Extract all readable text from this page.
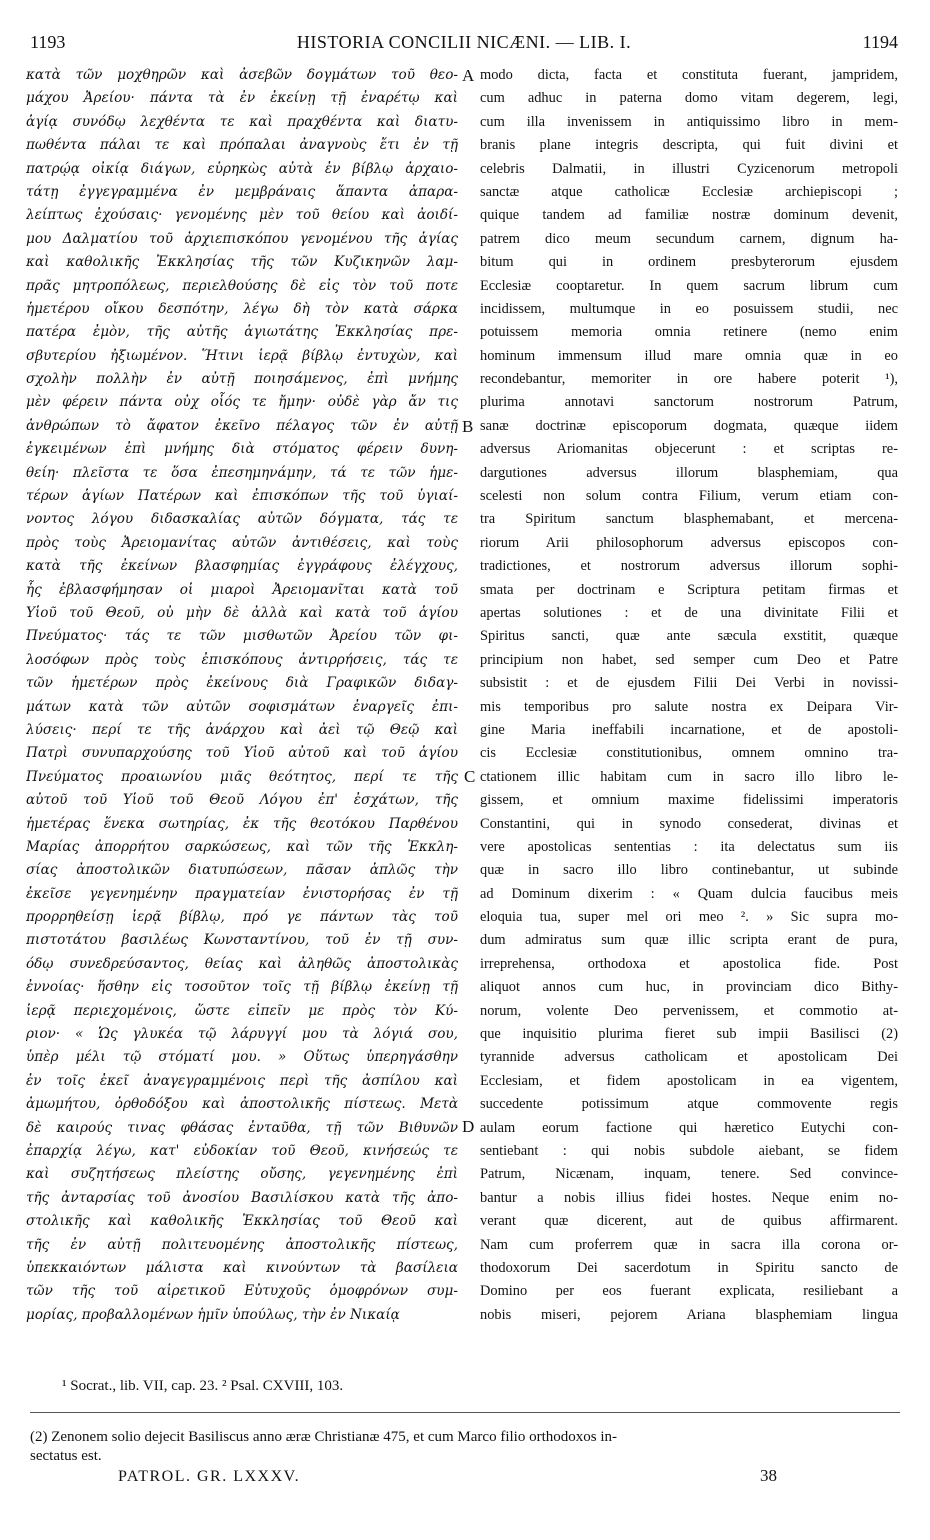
1193	HISTORIA CONCILII NICÆNI. — LIB. I.	1194
κατὰ τῶν μοχθηρῶν καὶ ἀσεβῶν δογμάτων τοῦ θεο-
μάχου Ἀρείου· πάντα τὰ ἐν ἐκείνῃ τῇ ἐναρέτῳ καὶ
ἁγίᾳ συνόδῳ λεχθέντα τε καὶ πραχθέντα καὶ διατυ-
πωθέντα πάλαι τε καὶ πρόπαλαι ἀναγνοὺς ἔτι ἐν τῇ
πατρῴᾳ οἰκίᾳ διάγων, εὑρηκὼς αὐτὰ ἐν βίβλῳ ἀρχαιο-
τάτῃ ἐγγεγραμμένα ἐν μεμβράναις ἅπαντα ἀπαρα-
λείπτως ἐχούσαις· γενομένης μὲν τοῦ θείου καὶ ἀοιδί-
μου Δαλματίου τοῦ ἀρχιεπισκόπου γενομένου τῆς ἁγίας
καὶ καθολικῆς Ἐκκλησίας τῆς τῶν Κυζικηνῶν λαμ-
πρᾶς μητροπόλεως, περιελθούσης δὲ εἰς τὸν τοῦ ποτε
ἡμετέρου οἴκου δεσπότην, λέγω δὴ τὸν κατὰ σάρκα
πατέρα ἐμὸν, τῆς αὐτῆς ἁγιωτάτης Ἐκκλησίας πρε-
σβυτερίου ἠξιωμένον. Ἥτινι ἱερᾷ βίβλῳ ἐντυχὼν, καὶ
σχολὴν πολλὴν ἐν αὐτῇ ποιησάμενος, ἐπὶ μνήμης
μὲν φέρειν πάντα οὐχ οἷός τε ἤμην· οὐδὲ γὰρ ἄν τις
ἀνθρώπων τὸ ἄφατον ἐκεῖνο πέλαγος τῶν ἐν αὐτῇ
ἐγκειμένων ἐπὶ μνήμης διὰ στόματος φέρειν δυνη-
θείη· πλεῖστα τε ὅσα ἐπεσημηνάμην, τά τε τῶν ἡμε-
τέρων ἁγίων Πατέρων καὶ ἐπισκόπων τῆς τοῦ ὑγιαί-
νοντος λόγου διδασκαλίας αὐτῶν δόγματα, τάς τε
πρὸς τοὺς Ἀρειομανίτας αὐτῶν ἀντιθέσεις, καὶ τοὺς
κατὰ τῆς ἐκείνων βλασφημίας ἐγγράφους ἐλέγχους,
ἧς ἐβλασφήμησαν οἱ μιαροὶ Ἀρειομανῖται κατὰ τοῦ
Υἱοῦ τοῦ Θεοῦ, οὐ μὴν δὲ ἀλλὰ καὶ κατὰ τοῦ ἁγίου
Πνεύματος· τάς τε τῶν μισθωτῶν Ἀρείου τῶν φι-
λοσόφων πρὸς τοὺς ἐπισκόπους ἀντιρρήσεις, τάς τε
τῶν ἡμετέρων πρὸς ἐκείνους διὰ Γραφικῶν διδαγ-
μάτων κατὰ τῶν αὐτῶν σοφισμάτων ἐναργεῖς ἐπι-
λύσεις· περί τε τῆς ἀνάρχου καὶ ἀεὶ τῷ Θεῷ καὶ
Πατρὶ συνυπαρχούσης τοῦ Υἱοῦ αὐτοῦ καὶ τοῦ ἁγίου
Πνεύματος προαιωνίου μιᾶς θεότητος, περί τε τῆς
αὐτοῦ τοῦ Υἱοῦ τοῦ Θεοῦ Λόγου ἐπ' ἐσχάτων, τῆς
ἡμετέρας ἕνεκα σωτηρίας, ἐκ τῆς θεοτόκου Παρθένου
Μαρίας ἀπορρήτου σαρκώσεως, καὶ τῶν τῆς Ἐκκλη-
σίας ἀποστολικῶν διατυπώσεων, πᾶσαν ἁπλῶς τὴν
ἐκεῖσε γεγενημένην πραγματείαν ἐνιστορήσας ἐν τῇ
προρρηθείσῃ ἱερᾷ βίβλῳ, πρό γε πάντων τὰς τοῦ
πιστοτάτου βασιλέως Κωνσταντίνου, τοῦ ἐν τῇ συν-
όδῳ συνεδρεύσαντος, θείας καὶ ἀληθῶς ἀποστολικὰς
ἐννοίας· ἥσθην εἰς τοσοῦτον τοῖς τῇ βίβλῳ ἐκείνῃ τῇ
ἱερᾷ περιεχομένοις, ὥστε εἰπεῖν με πρὸς τὸν Κύ-
ριον· « Ὡς γλυκέα τῷ λάρυγγί μου τὰ λόγιά σου,
ὑπὲρ μέλι τῷ στόματί μου. » Οὕτως ὑπερηγάσθην
ἐν τοῖς ἐκεῖ ἀναγεγραμμένοις περὶ τῆς ἀσπίλου καὶ
ἀμωμήτου, ὀρθοδόξου καὶ ἀποστολικῆς πίστεως. Μετὰ
δὲ καιρούς τινας φθάσας ἐνταῦθα, τῇ τῶν Βιθυνῶν
ἐπαρχίᾳ λέγω, κατ' εὐδοκίαν τοῦ Θεοῦ, κινήσεώς τε
καὶ συζητήσεως πλείστης οὔσης, γεγενημένης ἐπὶ
τῆς ἀνταρσίας τοῦ ἀνοσίου Βασιλίσκου κατὰ τῆς ἀπο-
στολικῆς καὶ καθολικῆς Ἐκκλησίας τοῦ Θεοῦ καὶ
τῆς ἐν αὐτῇ πολιτευομένης ἀποστολικῆς πίστεως,
ὑπεκκαιόντων μάλιστα καὶ κινούντων τὰ βασίλεια
τῶν τῆς τοῦ αἱρετικοῦ Εὐτυχοῦς ὁμοφρόνων συμ-
μορίας, προβαλλομένων ἡμῖν ὑπούλως, τὴν ἐν Νικαίᾳ
modo dicta, facta et constituta fuerant, jampridem,
cum adhuc in paterna domo vitam degerem, legi,
cum illa invenissem in antiquissimo libro in mem-
branis plane integris descripta, qui fuit divini et
celebris Dalmatii, in illustri Cyzicenorum metropoli
sanctæ atque catholicæ Ecclesiæ archiepiscopi ;
quique tandem ad familiæ nostræ dominum devenit,
patrem dico meum secundum carnem, dignum ha-
bitum qui in ordinem presbyterorum ejusdem
Ecclesiæ cooptaretur. In quem sacrum librum cum
incidissem, multumque in eo posuissem studii, nec
potuissem memoria omnia retinere (nemo enim
hominum immensum illud mare omnia quæ in eo
recondebantur, memoriter in ore habere poterit ¹),
plurima annotavi sanctorum nostrorum Patrum,
sanæ doctrinæ episcoporum dogmata, quæque iidem
adversus Ariomanitas objecerunt : et scriptas re-
dargutiones adversus illorum blasphemiam, qua
scelesti non solum contra Filium, verum etiam con-
tra Spiritum sanctum blasphemabant, et mercena-
riorum Arii philosophorum adversus episcopos con-
tradictiones, et nostrorum adversus illorum sophi-
smata per doctrinam e Scriptura petitam firmas et
apertas solutiones : et de una divinitate Filii et
Spiritus sancti, quæ ante sæcula exstitit, quæque
principium non habet, sed semper cum Deo et Patre
subsistit : et de ejusdem Filii Dei Verbi in novissi-
mis temporibus pro salute nostra ex Deipara Vir-
gine Maria ineffabili incarnatione, et de apostoli-
cis Ecclesiæ constitutionibus, omnem omnino tra-
ctationem illic habitam cum in sacro illo libro le-
gissem, et omnium maxime fidelissimi imperatoris
Constantini, qui in synodo consederat, divinas et
vere apostolicas sententias : ita delectatus sum iis
quæ in sacro illo libro continebantur, ut subinde
ad Dominum dixerim : « Quam dulcia faucibus meis
eloquia tua, super mel ori meo ². » Sic supra mo-
dum admiratus sum quæ illic scripta erant de pura,
irreprehensa, orthodoxa et apostolica fide. Post
aliquot annos cum huc, in provinciam dico Bithy-
norum, volente Deo pervenissem, et commotio at-
que inquisitio plurima fieret sub impii Basilisci (2)
tyrannide adversus catholicam et apostolicam Dei
Ecclesiam, et fidem apostolicam in ea vigentem,
succedente potissimum atque commovente regis
aulam eorum factione qui hæretico Eutychi con-
sentiebant : qui nobis subdole aiebant, se fidem
Patrum, Nicænam, inquam, tenere. Sed convince-
bantur a nobis illius fidei hostes. Neque enim no-
verant quæ dicerent, aut de quibus affirmarent.
Nam cum proferrem quæ in sacra illa corona or-
thodoxorum Dei sacerdotum in Spiritu sancto de
Domino per eos fuerant explicata, resiliebant a
nobis miseri, pejorem Ariana blasphemiam lingua
A
B
C
D
¹ Socrat., lib. VII, cap. 23. ² Psal. CXVIII, 103.
(2) Zenonem solio dejecit Basiliscus anno æræ Christianæ 475, et cum Marco filio orthodoxos in-
sectatus est.
PATROL. GR. LXXXV.	38
